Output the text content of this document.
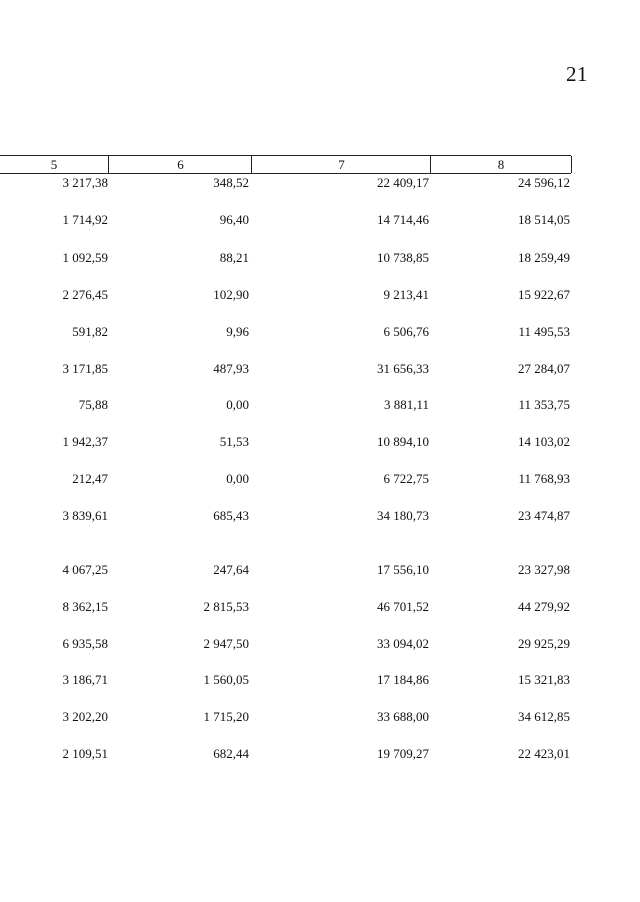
21
5	6	7	8
3 217,38	348,52	22 409,17	24 596,12
1 714,92	96,40	14 714,46	18 514,05
1 092,59	88,21	10 738,85	18 259,49
2 276,45	102,90	9 213,41	15 922,67
591,82	9,96	6 506,76	11 495,53
3 171,85	487,93	31 656,33	27 284,07
75,88	0,00	3 881,11	11 353,75
1 942,37	51,53	10 894,10	14 103,02
212,47	0,00	6 722,75	11 768,93
3 839,61	685,43	34 180,73	23 474,87
4 067,25	247,64	17 556,10	23 327,98
8 362,15	2 815,53	46 701,52	44 279,92
6 935,58	2 947,50	33 094,02	29 925,29
3 186,71	1 560,05	17 184,86	15 321,83
3 202,20	1 715,20	33 688,00	34 612,85
2 109,51	682,44	19 709,27	22 423,01
